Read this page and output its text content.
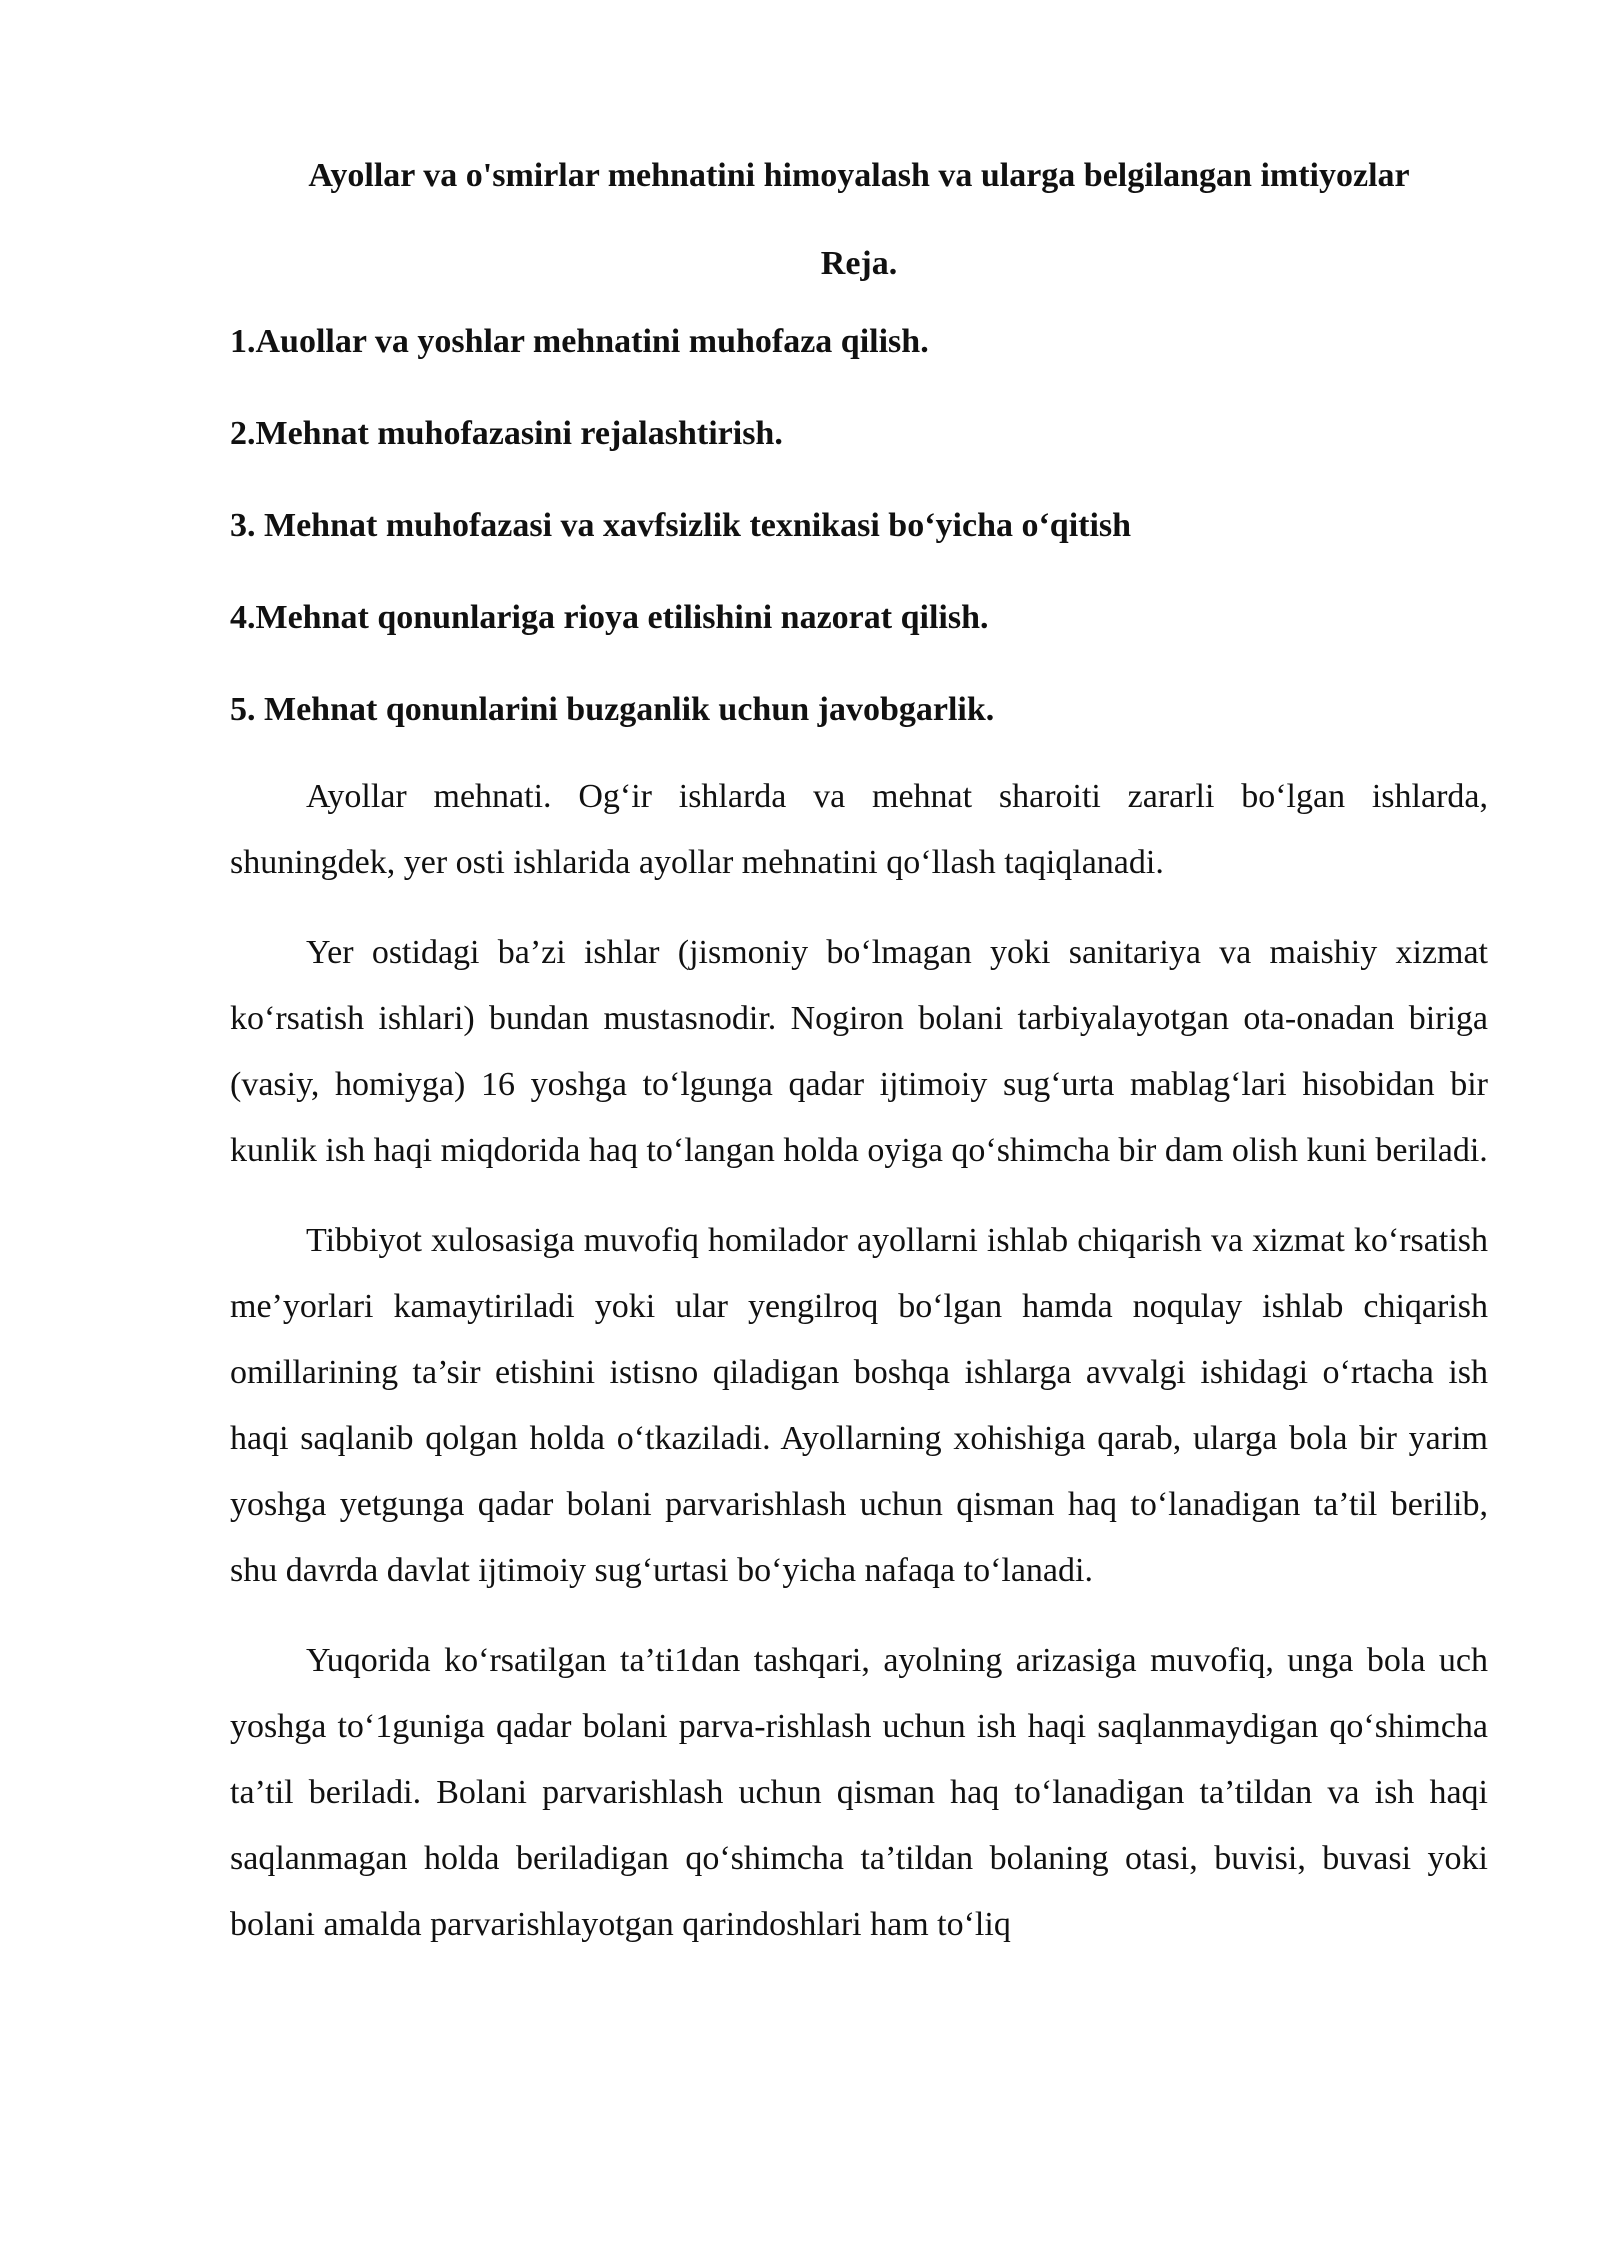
Ayollar va o'smirlar mehnatini himoyalash va ularga belgilangan imtiyozlar
Reja.
1.Auollar va yoshlar mehnatini muhofaza qilish.
2.Mehnat muhofazasini rejalashtirish.
3. Mehnat muhofazasi va xavfsizlik texnikasi bo‘yicha o‘qitish
4.Mehnat qonunlariga rioya etilishini nazorat qilish.
5. Mehnat qonunlarini buzganlik uchun javobgarlik.

Ayollar mehnati. Og‘ir ishlarda va mehnat sharoiti zararli bo‘lgan ishlarda, shuningdek, yer osti ishlarida ayollar mehnatini qo‘llash taqiqlanadi.

Yer ostidagi ba’zi ishlar (jismoniy bo‘lmagan yoki sanitariya va maishiy xizmat ko‘rsatish ishlari) bundan mustasnodir. Nogiron bolani tarbiyalayotgan ota-onadan biriga (vasiy, homiyga) 16 yoshga to‘lgunga qadar ijtimoiy sug‘urta mablag‘lari hisobidan bir kunlik ish haqi miqdorida haq to‘langan holda oyiga qo‘shimcha bir dam olish kuni beriladi.

Tibbiyot xulosasiga muvofiq homilador ayollarni ishlab chiqarish va xizmat ko‘rsatish me’yorlari kamaytiriladi yoki ular yengilroq bo‘lgan hamda noqulay ishlab chiqarish omillarining ta’sir etishini istisno qiladigan boshqa ishlarga avvalgi ishidagi o‘rtacha ish haqi saqlanib qolgan holda o‘tkaziladi. Ayollarning xohishiga qarab, ularga bola bir yarim yoshga yetgunga qadar bolani parvarishlash uchun qisman haq to‘lanadigan ta’til berilib, shu davrda davlat ijtimoiy sug‘urtasi bo‘yicha nafaqa to‘lanadi.

Yuqorida ko‘rsatilgan ta’ti1dan tashqari, ayolning arizasiga muvofiq, unga bola uch yoshga to‘1guniga qadar bolani parva-rishlash uchun ish haqi saqlanmaydigan qo‘shimcha ta’til beriladi. Bolani parvarishlash uchun qisman haq to‘lanadigan ta’tildan va ish haqi saqlanmagan holda beriladigan qo‘shimcha ta’tildan bolaning otasi, buvisi, buvasi yoki bolani amalda parvarishlayotgan qarindoshlari ham to‘liq
